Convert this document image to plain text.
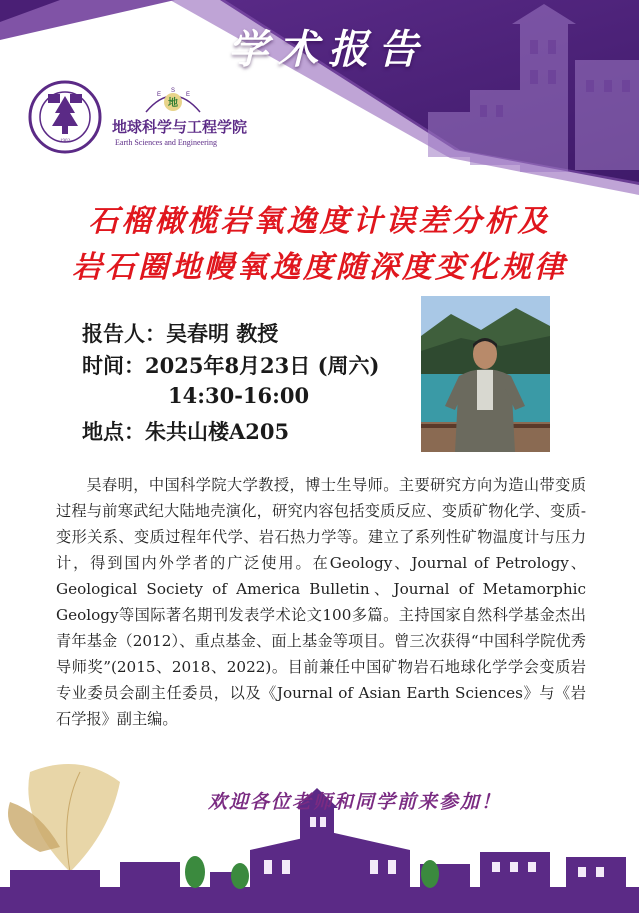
学术报告
1902
地
E
S
E
地球科学与工程学院
Earth Sciences and Engineering
石榴橄榄岩氧逸度计误差分析及
岩石圈地幔氧逸度随深度变化规律
报告人：吴春明 教授
时间：2025年8月23日 (周六)
14:30-16:00
地点：朱共山楼A205

吴春明，中国科学院大学教授，博士生导师。主要研究方向为造山带变质过程与前寒武纪大陆地壳演化，研究内容包括变质反应、变质矿物化学、变质-变形关系、变质过程年代学、岩石热力学等。建立了系列性矿物温度计与压力计，得到国内外学者的广泛使用。在Geology、Journal of Petrology、Geological Society of America Bulletin、Journal of Metamorphic Geology等国际著名期刊发表学术论文100多篇。主持国家自然科学基金杰出青年基金（2012）、重点基金、面上基金等项目。曾三次获得“中国科学院优秀导师奖”(2015、2018、2022)。目前兼任中国矿物岩石地球化学学会变质岩专业委员会副主任委员，以及《Journal of Asian Earth Sciences》与《岩石学报》副主编。

欢迎各位老师和同学前来参加！
